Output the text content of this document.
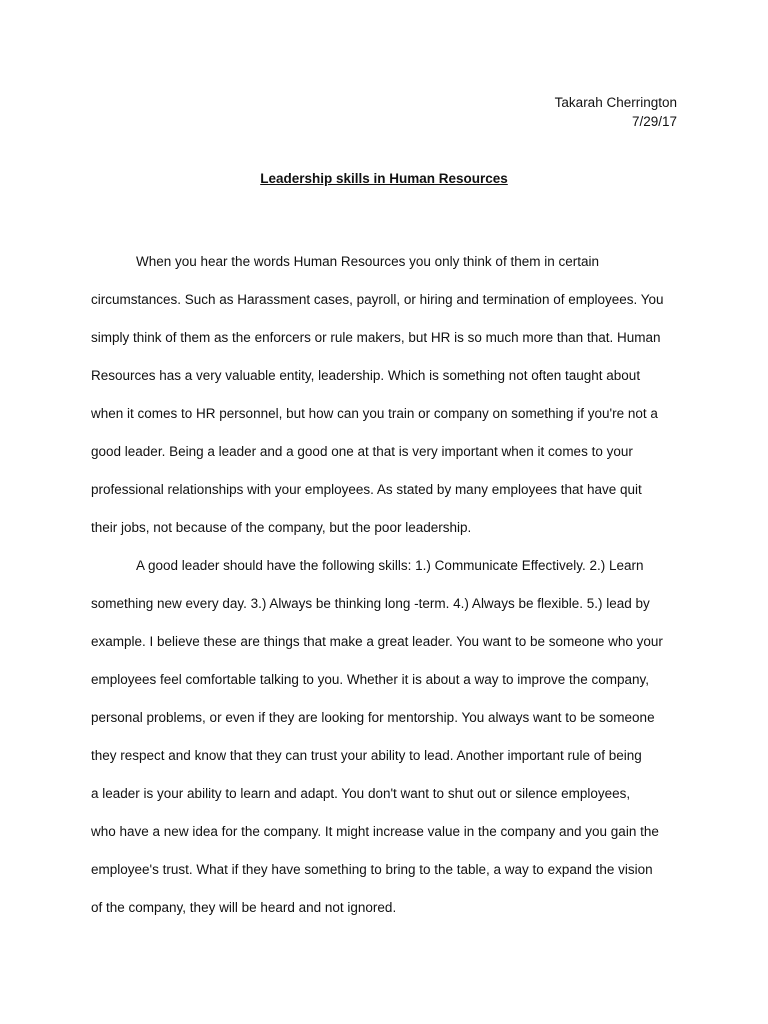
Takarah Cherrington
7/29/17
Leadership skills in Human Resources

When you hear the words Human Resources you only think of them in certain
circumstances. Such as Harassment cases, payroll, or hiring and termination of employees. You
simply think of them as the enforcers or rule makers, but HR is so much more than that. Human
Resources has a very valuable entity, leadership. Which is something not often taught about
when it comes to HR personnel, but how can you train or company on something if you're not a
good leader. Being a leader and a good one at that is very important when it comes to your
professional relationships with your employees. As stated by many employees that have quit
their jobs, not because of the company, but the poor leadership.

A good leader should have the following skills: 1.) Communicate Effectively. 2.) Learn
something new every day. 3.) Always be thinking long -term. 4.) Always be flexible. 5.) lead by
example. I believe these are things that make a great leader. You want to be someone who your
employees feel comfortable talking to you. Whether it is about a way to improve the company,
personal problems, or even if they are looking for mentorship. You always want to be someone
they respect and know that they can trust your ability to lead. Another important rule of being
a leader is your ability to learn and adapt. You don't want to shut out or silence employees,
who have a new idea for the company. It might increase value in the company and you gain the
employee's trust. What if they have something to bring to the table, a way to expand the vision
of the company, they will be heard and not ignored.
